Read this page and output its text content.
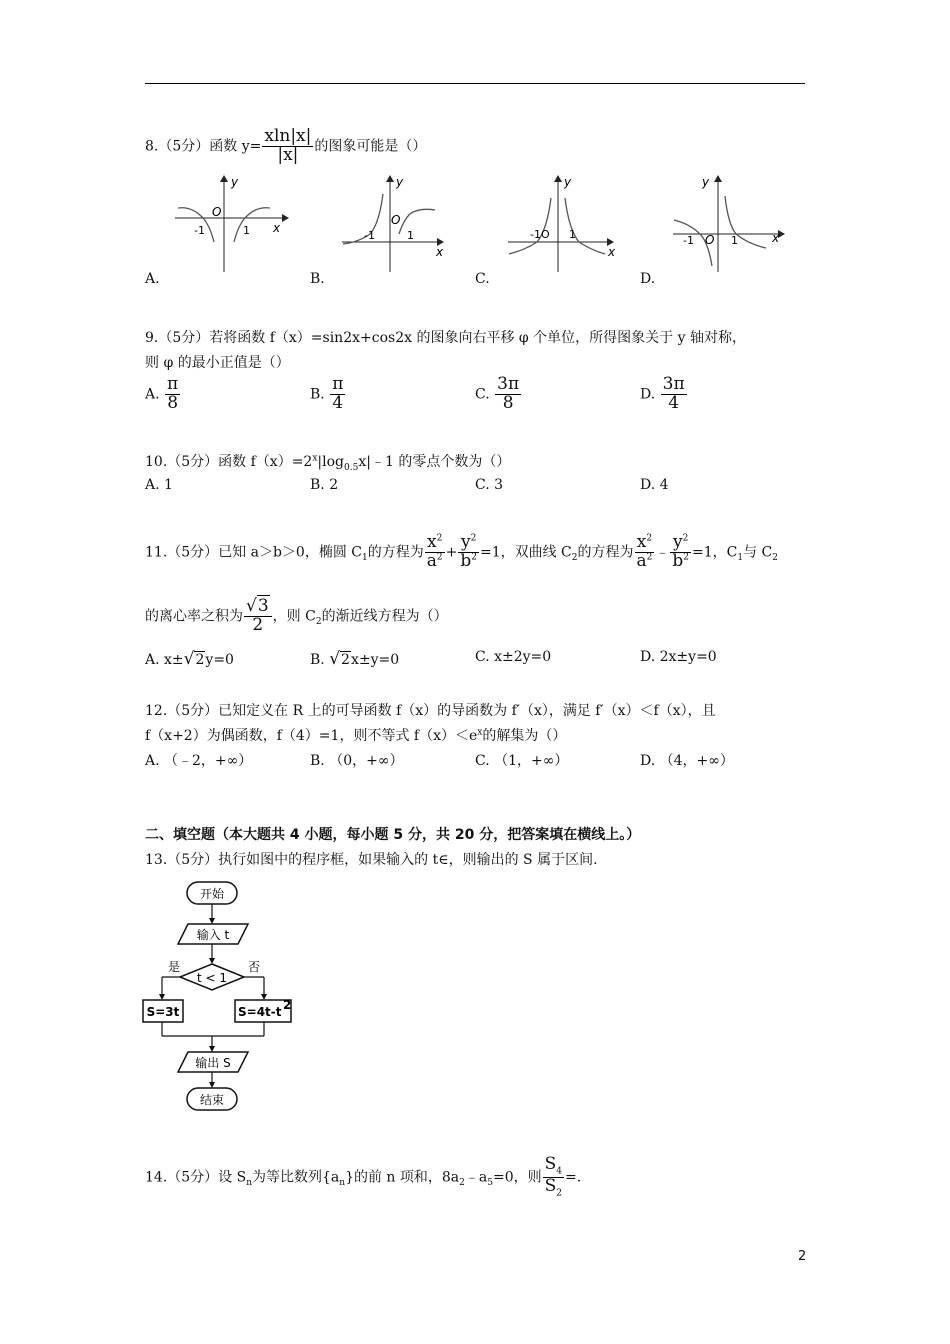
8.（5分）函数 $y= \frac{xln|x|}{|x|}$ 的图象可能是（）
y
x
O
-1	1
y
x
O
-1	1
y
x
-1O 1
y
x
-1 O 1
A.	B.	C.	D.
9.（5分）若将函数 f（x）=sin2x+cos2x 的图象向右平移 φ 个单位，所得图象关于 y 轴对称，
则 φ 的最小正值是（）
A. $\frac{\pi}{8}$	B. $\frac{\pi}{4}$	C. $\frac{3\pi}{8}$	D. $\frac{3\pi}{4}$
10.（5分）函数 $f(x)=2^x|\log_{0.5}x|﹣1$ 的零点个数为（）
A. 1	B. 2	C. 3	D. 4
11.（5分）已知 a＞b＞0，椭圆 $C_1$的方程为 $\frac{x^2}{a^2} + \frac{y^2}{b^2} =1$，双曲线 $C_2$的方程为 $\frac{x^2}{a^2}$ ﹣ $\frac{y^2}{b^2} =1$，$C_1$与 $C_2$
的离心率之积为 $\frac{√3}{2}$ ，则 $C_2$的渐近线方程为（）
A. x±√2y=0	B. √2x±y=0	C. x±2y=0	D. 2x±y=0
12.（5分）已知定义在 R 上的可导函数 f（x）的导函数为 f′（x），满足 f′（x）＜f（x），且
f（x+2）为偶函数，f（4）=1，则不等式 $f(x)<e^x$的解集为（）
A. （﹣2，+∞）	B. （0，+∞）	C. （1，+∞）	D. （4，+∞）
二、填空题（本大题共 4 小题，每小题 5 分，共 20 分，把答案填在横线上。）
13.（5分）执行如图中的程序框，如果输入的 t∈，则输出的 S 属于区间.
开始
输入 t
t < 1
是	否
S=3t	S=4t-t 2
输出 S
结束
14.（5分）设 $S_n$为等比数列$\{a_n\}$的前 n 项和，$8a_2﹣a_5=0$，则 $\frac{S_4}{S_2}$ =.
2
